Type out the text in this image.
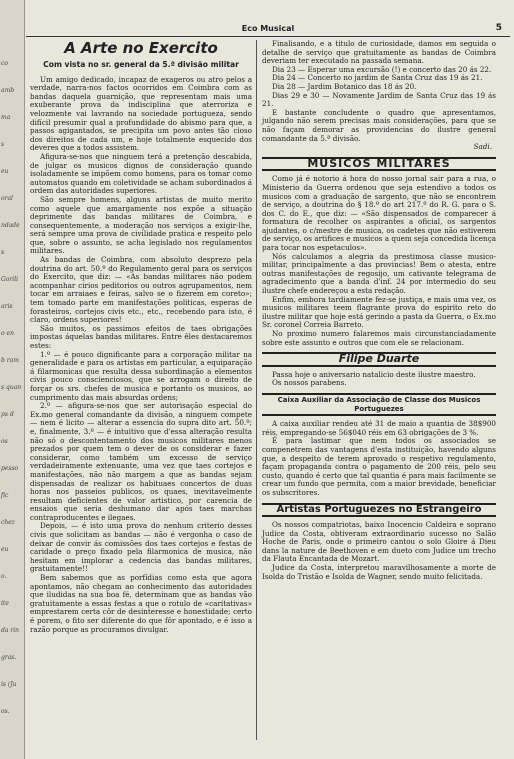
co
amb
ma
s
eu
oral
ndade
s
Gorili
aris
o en
b ram
s quan
ps d
os
pesso
fic
chez
eu
o.
ite
da rin
gras.
is (Ju
os.
Eco Musical	5
A Arte no Exercito
Com vista no sr. general da 5.ª divisão militar

Um amigo dedicado, incapaz de exageros ou atro pelos a verdade, narra-nos factos ocorridos em Coimbra com as bandas daquela guarnição, que representam mais uma exuberante prova da indisciplina que aterroriza e velozmente vai lavrando na sociedade portugueza, sendo difícil presumir qual a profundidade do abismo para que, a passos agigantados, se precipita um povo antes tão cioso dos direitos de cada um, e hoje totalmente esquecido dos deveres que a todos assistem.

Afigura-se-nos que ninguem terá a pretenção descabida, de julgar os musicos dignos de consideração quando isoladamente se impõem como homens, para os tomar como automatos quando em coletividade se acham subordinados á ordem das autoridades superiores.

São sempre homens, alguns artistas de muito merito como aquele que amargamente nos expõe a situação deprimente das bandas militares de Coimbra, e consequentemente, a moderação nos serviços a exigir-lhe, será sempre uma prova de civilidade pratica e respeito pelo que, sobre o assunto, se acha legislado nos regulamentos militares.

As bandas de Coimbra, com absoluto desprezo pela doutrina do art. 50.º do Regulamento geral para os serviços do Exercito, que diz: — «As bandas militares não podem acompanhar cirios peditorios ou outros agrupamentos, nem tocar em arraiaes e feiras, salvo se o fizerem em coreto»; tem tomado parte em manifestações politicas, esperas de forasteiros, cortejos civis etc., etc., recebendo para isto, é claro, ordens superiores!

São muitos, os passimos efeitos de taes obrigações impostas áquelas bandas militares. Entre êles destacaremos estes:

1.º — é pouco dignificante para a corporação militar na generalidade e para os artistas em particular, a equiparação á filarmonicas que resulta dessa subordinação a elementos civis pouco conscienciosos, que se arrogam o direito de forçar os srs. chefes de musica e portanto os musicos, ao cumprimento das mais absurdas ordens;

2.º — afigura-se-nos que ser autorisação especial do Ex.mo general comandante da divisão, a ninguem compete — nem é licito — alterar a essencia do supra dito art. 50.º; e, finalmente, 3.º — é intuitivo que d'essa alteração resulta não só o descontentamento dos musicos militares menos prezados por quem tem o dever de os considerar e fazer considerar, como também um excesso de serviço verdadeiramente extenuante, uma vez que taes cortejos e manifestações, não não margem a que as bandas sejam dispensadas de realizar os habituaes concertos de duas horas nos passeios publicos, os quaes, inevitavelmente resultam deficientes de valor artistico, por carencia de ensaios que seria deshumano dar após taes marchas contraproducentes e ilegaes.

Depois, — é isto uma prova do nenhum criterio desses civis que solicitam as bandas — não é vergonha o caso de deixar de convir ás comissões dos taes cortejos e festas de caridade o preço fixado pela filarmonica de musica, não hesitam em implorar a cedencia das bandas militares, gratuitamente!!

Bem sabemos que as porfídias como esta que agora apontamos, não chegam ao conhecimento das autoridades que iludidas na sua boa fé, determinam que as bandas vão gratuitamente a essas festas a que o rotulo de «caritativas» emprestarem certa côr de desinteresse e honestidade; certo é porem, o fito ser diferente do que fôr apontado, e é isso a razão porque as procuramos divulgar.

Finalisando, e a titulo de curiosidade, damos em seguida o detalhe de serviço que gratuitamente as bandas de Coimbra deveriam ter executado na passada semana.

Dia 23 — Esperar uma excursão (!) e concerto das 20 ás 22.

Dia 24 — Concerto no jardim de Santa Cruz das 19 ás 21.

Dia 28 — Jardim Botanico das 18 ás 20.

Dias 29 e 30 — Novamente Jardim de Santa Cruz das 19 ás 21.

E bastante concludente o quadro que apresentamos, julgando não serem precisas mais considerações, para que se não façam demorar as providencias do ilustre general comandante da 5.ª divisão.

Sadi.
MUSICOS MILITARES

Como já é notorio á hora do nosso jornal sair para a rua, o Ministerio da Guerra ordenou que seja estendivo a todos os musicos com a graduação de sargento, que não se encontrem de serviço, a doutrina do § 18.º do art 217.º do R. G. para o S. dos C. do E., que diz: — «São dispensados de comparecer á formatura de recolher os aspirantes a oficial, os sargentos ajudantes, o c/mestre de musica, os cadetes que não estiverem de serviço, os artifices e musicos a quem seja concedida licença para tocar nos espetaculos».

Nós calculamos a alegria da prestimosa classe musico-militar, principalmente a das provincias! Bem o atesta, entre outras manifestações de regosijo, um cativante telegrama de agradecimento que a banda d'inf. 24 por intermedio do seu ilustre chefe endereçou a esta redação.

Enfim, embora tardiamente fez-se justiça, e mais uma vez, os musicos militares teem flagrante prova do espirito reto do ilustre militar que hoje está gerindo a pasta da Guerra, o Ex.mo Sr. coronel Correia Barreto.

No proximo numero falaremos mais circunstanciadamente sobre este assunto e outros que com ele se relacionam.

Filipe Duarte

Passa hoje o aniversario natalicio deste ilustre maestro.

Os nossos parabens.

Caixa Auxiliar da Associação de Classe dos Musicos Portuguezes

A caixa auxiliar rendeu até 31 de maio a quantia de 38$900 réis, empregando-se 56$040 réis em 63 obrigações de 3 %.

É para lastimar que nem todos os associados se compenetrem das vantagens d'esta instituição, havendo alguns que, a despeito de terem aprovado o respetivo regulamento, façam propaganda contra o pagamento de 200 réis, pelo seu custo, quando é certo que tal quantia é para mais facilmente se crear um fundo que permita, com a maior brevidade, beneficiar os subscritores.

Artistas Portuguezes no Estrangeiro

Os nossos compatriotas, baixo Inocencio Caldeira e soprano Judice da Costa, obtiveram extraordinario sucesso no Salão Hoche de Paris, onde o primeiro cantou o solo Gloire á Dieu dans la nature de Beethoven e em dueto com Judice um trecho da Flauta Encantada de Mozart.

Judice da Costa, interpretou maravilhosamente a morte de Isolda do Tristão e Isolda de Wagner, sendo muito felicitada.
